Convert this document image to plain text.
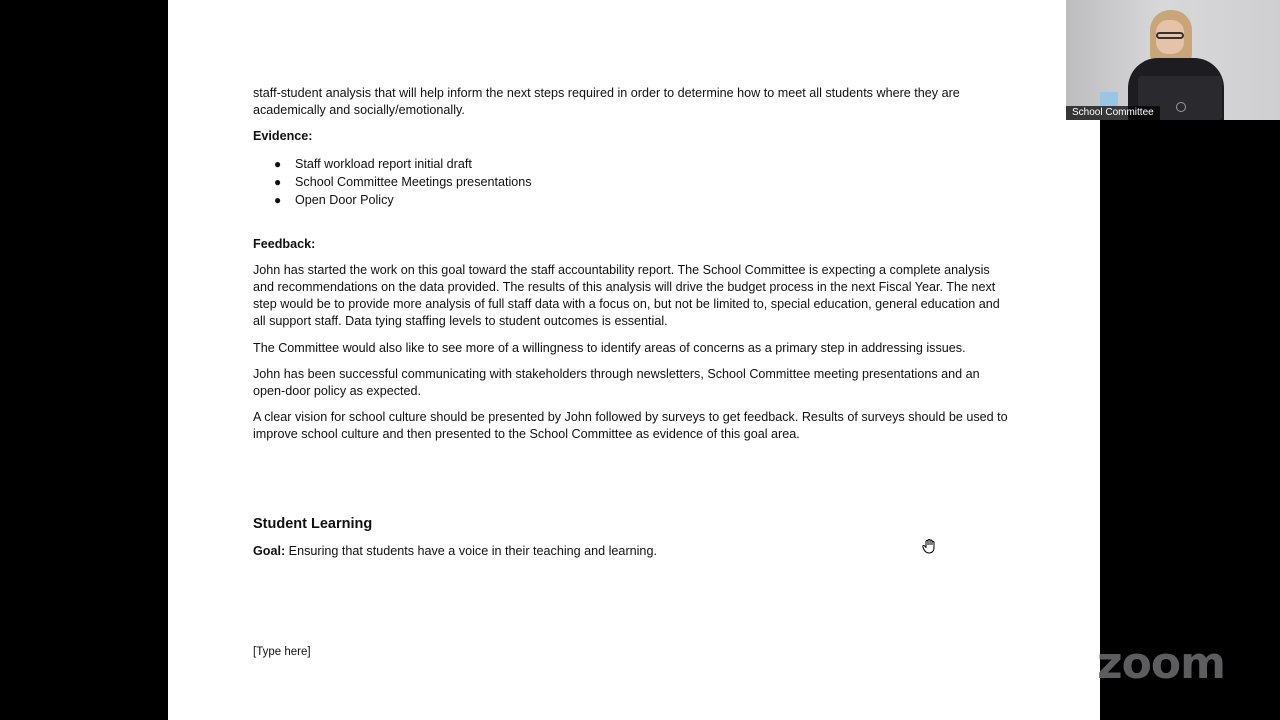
staff-student analysis that will help inform the next steps required in order to determine how to meet all students where they are academically and socially/emotionally.

Evidence:

● Staff workload report initial draft
● School Committee Meetings presentations
● Open Door Policy

Feedback:

John has started the work on this goal toward the staff accountability report. The School Committee is expecting a complete analysis and recommendations on the data provided. The results of this analysis will drive the budget process in the next Fiscal Year. The next step would be to provide more analysis of full staff data with a focus on, but not be limited to, special education, general education and all support staff. Data tying staffing levels to student outcomes is essential.

The Committee would also like to see more of a willingness to identify areas of concerns as a primary step in addressing issues.

John has been successful communicating with stakeholders through newsletters, School Committee meeting presentations and an open-door policy as expected.

A clear vision for school culture should be presented by John followed by surveys to get feedback. Results of surveys should be used to improve school culture and then presented to the School Committee as evidence of this goal area.

Student Learning

Goal: Ensuring that students have a voice in their teaching and learning.

[Type here]
School Committee
zoom
